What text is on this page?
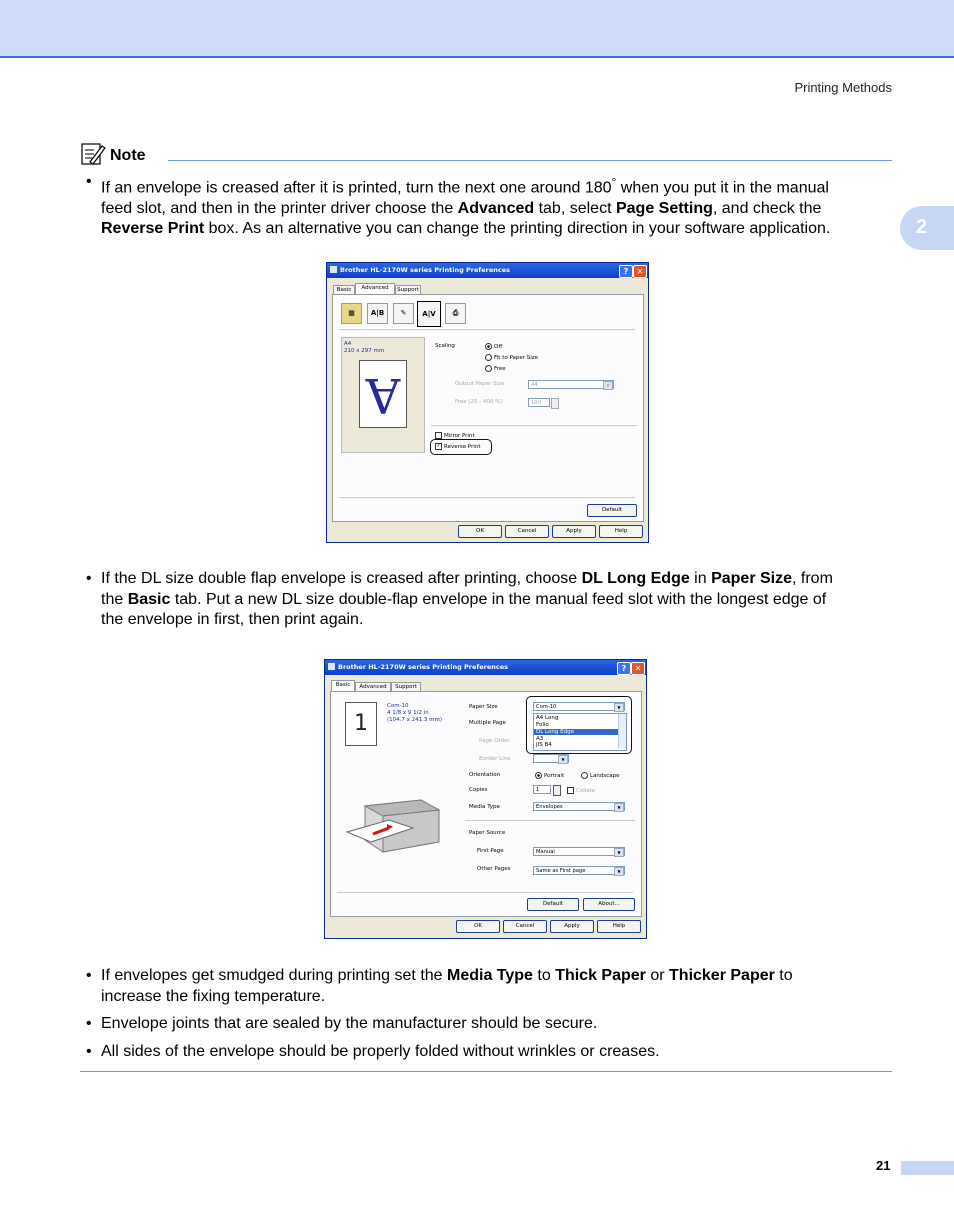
Printing Methods
2
Note
• If an envelope is creased after it is printed, turn the next one around 180° when you put it in the manual
feed slot, and then in the printer driver choose the Advanced tab, select Page Setting, and check the
Reverse Print box. As an alternative you can change the printing direction in your software application.
Brother HL-2170W series Printing Preferences	?	✕
Basic	Advanced	Support
▦	A|B	✎	A|V	⎙
A4
210 x 297 mm
A
Scaling	Off
Fit to Paper Size
Free
Output Paper Size	A4	▼
Free [25 - 400 %]	100
Mirror Print
✓ Reverse Print
Default
OK	Cancel	Apply	Help
• If the DL size double flap envelope is creased after printing, choose DL Long Edge in Paper Size, from
the Basic tab. Put a new DL size double-flap envelope in the manual feed slot with the longest edge of
the envelope in first, then print again.
Brother HL-2170W series Printing Preferences	?	✕
Basic	Advanced	Support
1
Com-10
4 1/8 x 9 1/2 in
(104.7 x 241.3 mm)
Paper Size	Com-10	▼
A4 Long
Folio
DL Long Edge
A3
JIS B4
Multiple Page
Page Order
Border Line	▼
Orientation	Portrait	Landscape
Copies	1	Collate
Media Type	Envelopes	▼
Paper Source
First Page	Manual	▼
Other Pages	Same as First page	▼
Default	About...
OK	Cancel	Apply	Help
• If envelopes get smudged during printing set the Media Type to Thick Paper or Thicker Paper to
increase the fixing temperature.
• Envelope joints that are sealed by the manufacturer should be secure.
• All sides of the envelope should be properly folded without wrinkles or creases.
21
